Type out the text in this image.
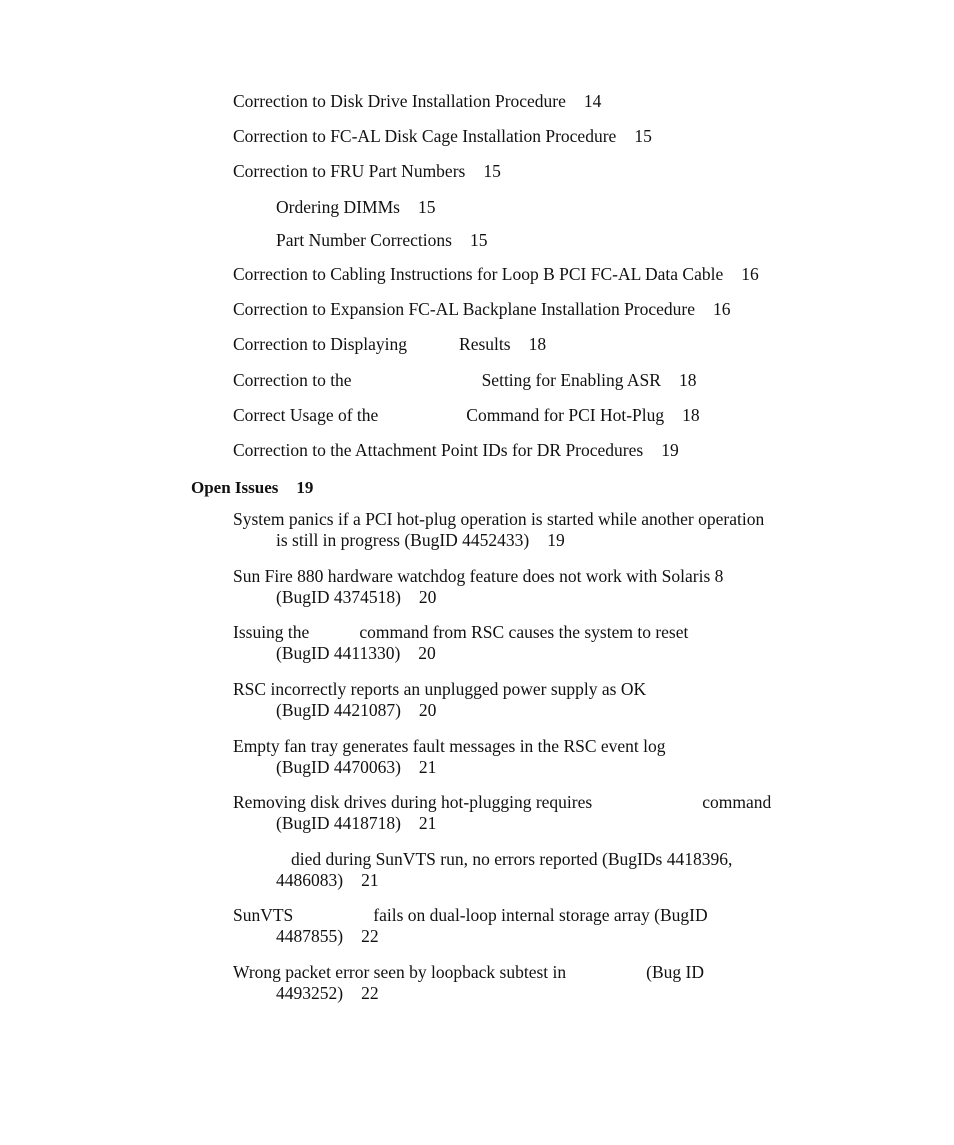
Correction to Disk Drive Installation Procedure 14
Correction to FC-AL Disk Cage Installation Procedure 15
Correction to FRU Part Numbers 15
Ordering DIMMs 15
Part Number Corrections 15
Correction to Cabling Instructions for Loop B PCI FC-AL Data Cable 16
Correction to Expansion FC-AL Backplane Installation Procedure 16
Correction to Displaying	Results 18
Correction to the	Setting for Enabling ASR 18
Correct Usage of the	Command for PCI Hot-Plug 18
Correction to the Attachment Point IDs for DR Procedures 19
Open Issues 19
System panics if a PCI hot-plug operation is started while another operation
is still in progress (BugID 4452433) 19
Sun Fire 880 hardware watchdog feature does not work with Solaris 8
(BugID 4374518) 20
Issuing the	command from RSC causes the system to reset
(BugID 4411330) 20
RSC incorrectly reports an unplugged power supply as OK
(BugID 4421087) 20
Empty fan tray generates fault messages in the RSC event log
(BugID 4470063) 21
Removing disk drives during hot-plugging requires	command
(BugID 4418718) 21
died during SunVTS run, no errors reported (BugIDs 4418396,
4486083) 21
SunVTS	fails on dual-loop internal storage array (BugID
4487855) 22
Wrong packet error seen by loopback subtest in	(Bug ID
4493252) 22
